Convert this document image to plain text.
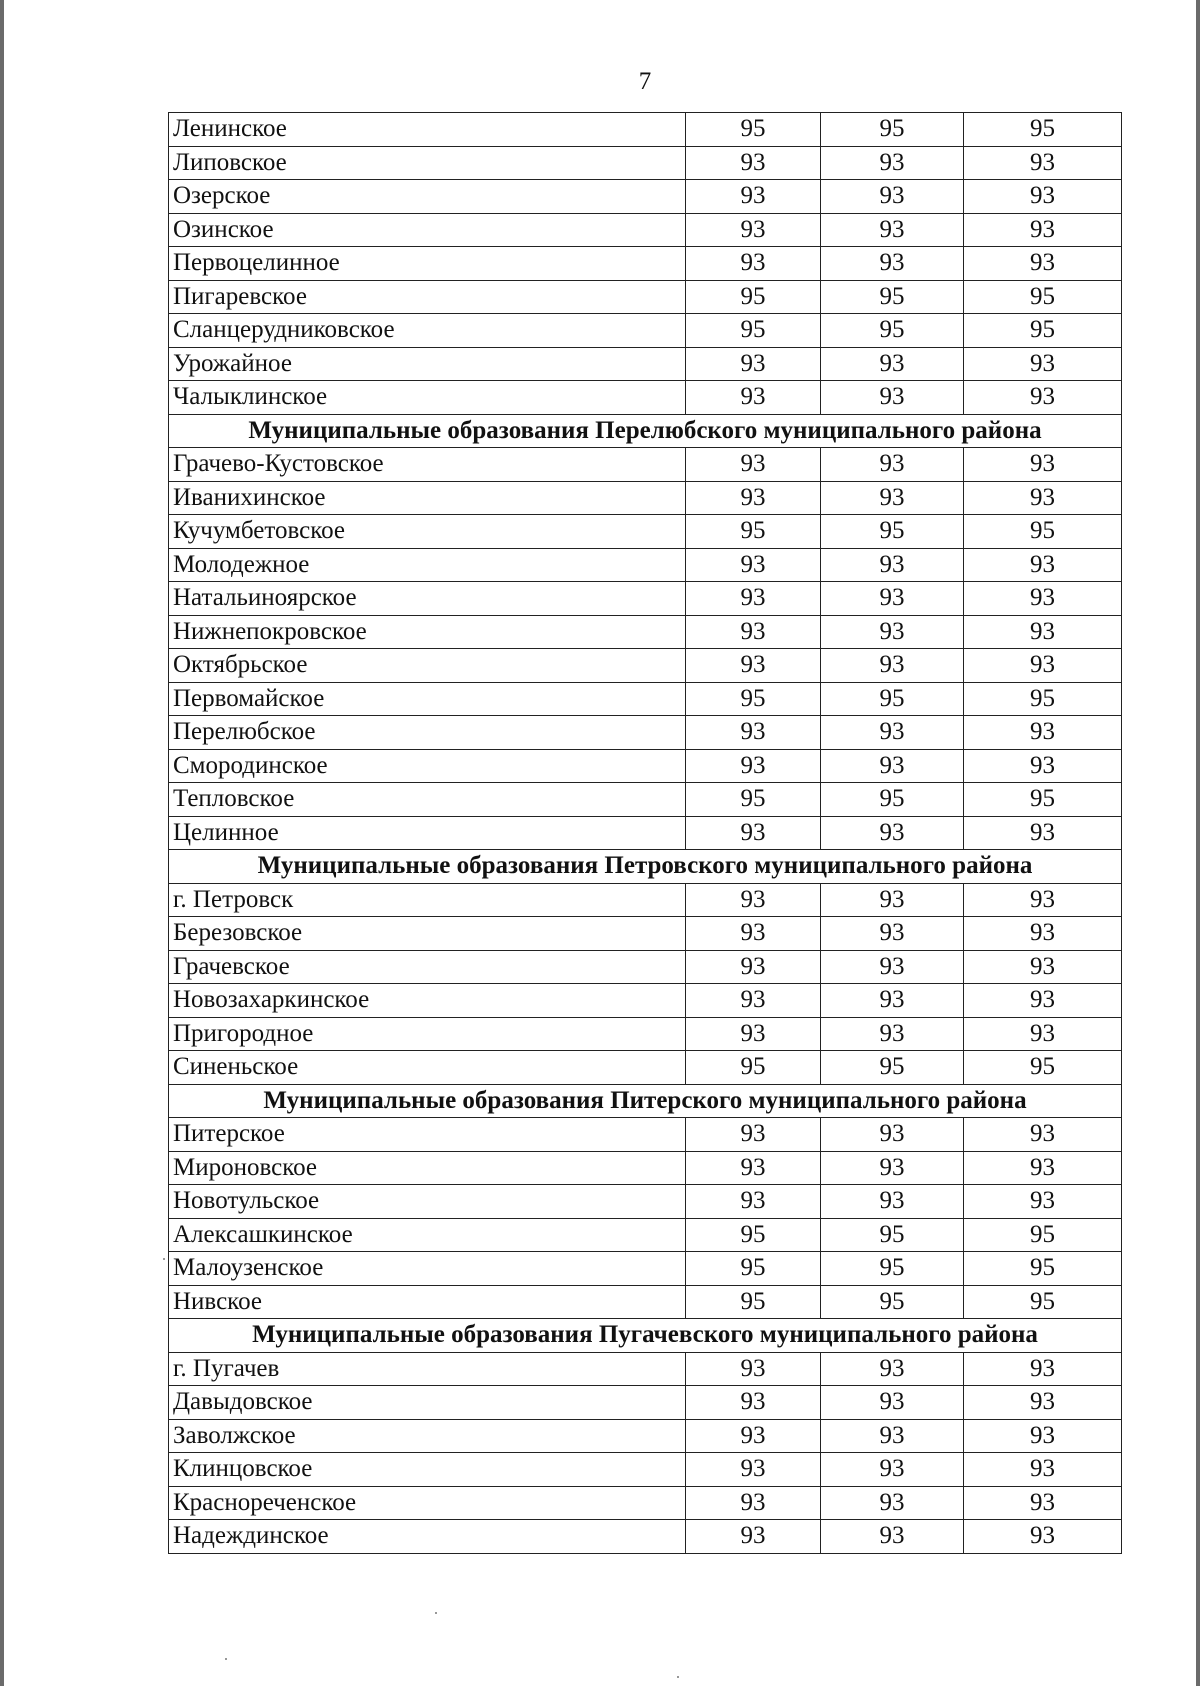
7
Ленинское	95	95	95
Липовское	93	93	93
Озерское	93	93	93
Озинское	93	93	93
Первоцелинное	93	93	93
Пигаревское	95	95	95
Сланцерудниковское	95	95	95
Урожайное	93	93	93
Чалыклинское	93	93	93
Муниципальные образования Перелюбского муниципального района			
Грачево-Кустовское	93	93	93
Иванихинское	93	93	93
Кучумбетовское	95	95	95
Молодежное	93	93	93
Натальиноярское	93	93	93
Нижнепокровское	93	93	93
Октябрьское	93	93	93
Первомайское	95	95	95
Перелюбское	93	93	93
Смородинское	93	93	93
Тепловское	95	95	95
Целинное	93	93	93
Муниципальные образования Петровского муниципального района			
г. Петровск	93	93	93
Березовское	93	93	93
Грачевское	93	93	93
Новозахаркинское	93	93	93
Пригородное	93	93	93
Синеньское	95	95	95
Муниципальные образования Питерского муниципального района			
Питерское	93	93	93
Мироновское	93	93	93
Новотульское	93	93	93
Алексашкинское	95	95	95
Малоузенское	95	95	95
Нивское	95	95	95
Муниципальные образования Пугачевского муниципального района			
г. Пугачев	93	93	93
Давыдовское	93	93	93
Заволжское	93	93	93
Клинцовское	93	93	93
Краснореченское	93	93	93
Надеждинское	93	93	93
